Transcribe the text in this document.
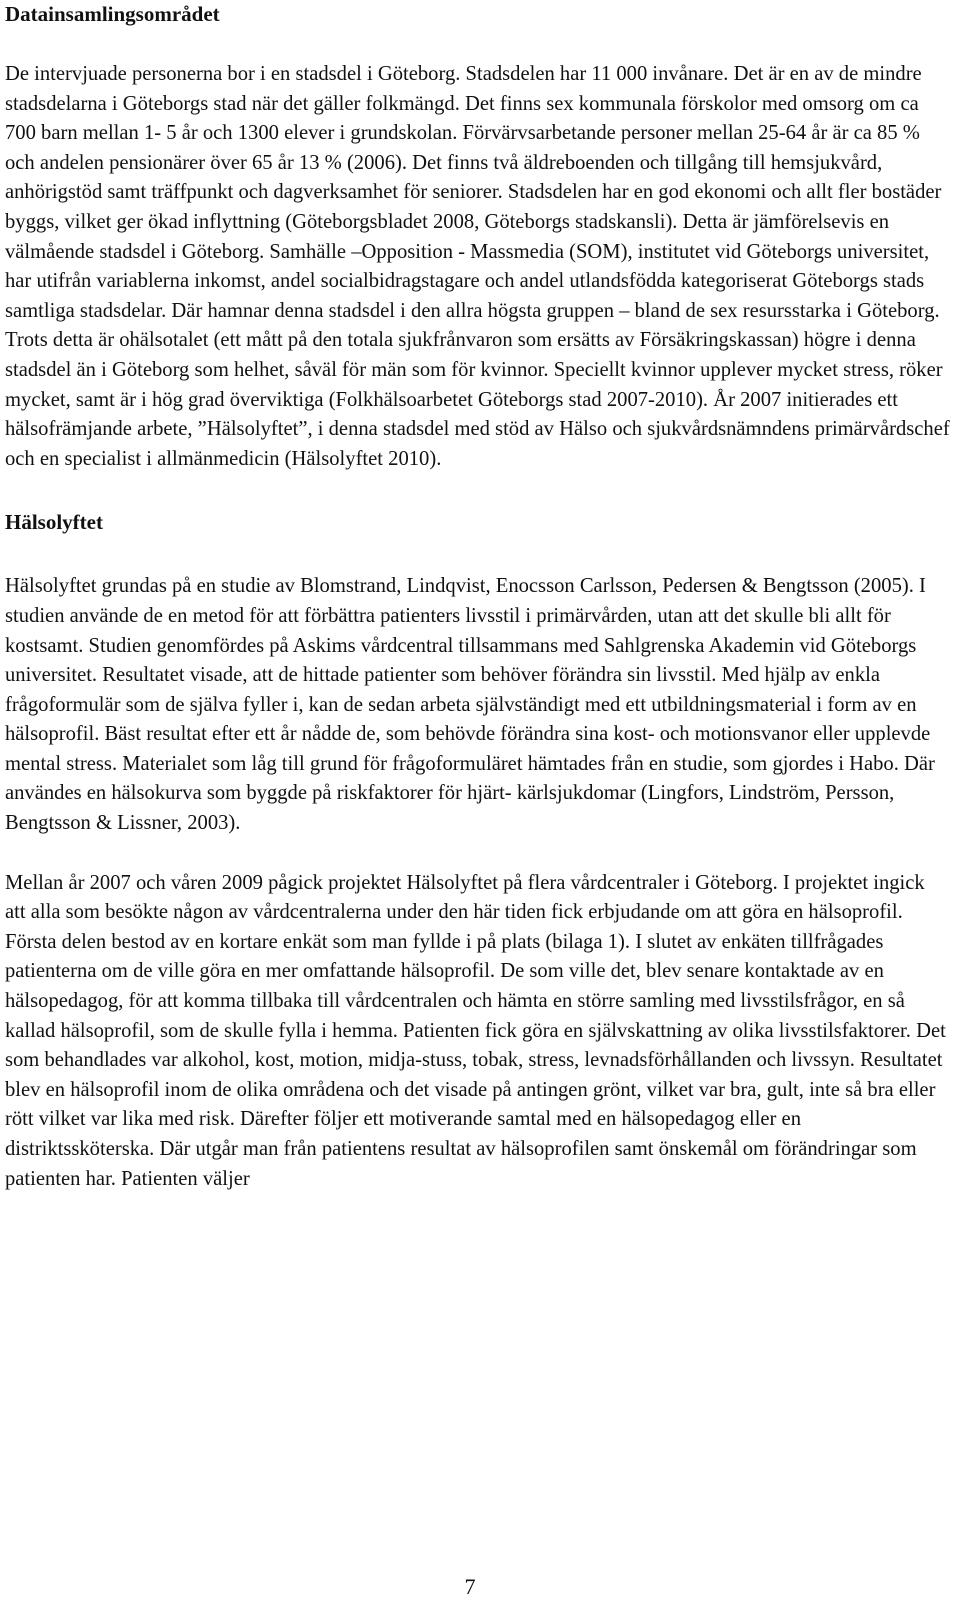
Datainsamlingsområdet

De intervjuade personerna bor i en stadsdel i Göteborg. Stadsdelen har 11 000 invånare. Det är en av de mindre stadsdelarna i Göteborgs stad när det gäller folkmängd. Det finns sex kommunala förskolor med omsorg om ca 700 barn mellan 1- 5 år och 1300 elever i grundskolan. Förvärvsarbetande personer mellan 25-64 år är ca 85 % och andelen pensionärer över 65 år 13 % (2006). Det finns två äldreboenden och tillgång till hemsjukvård, anhörigstöd samt träffpunkt och dagverksamhet för seniorer. Stadsdelen har en god ekonomi och allt fler bostäder byggs, vilket ger ökad inflyttning (Göteborgsbladet 2008, Göteborgs stadskansli). Detta är jämförelsevis en välmående stadsdel i Göteborg. Samhälle –Opposition - Massmedia (SOM), institutet vid Göteborgs universitet, har utifrån variablerna inkomst, andel socialbidragstagare och andel utlandsfödda kategoriserat Göteborgs stads samtliga stadsdelar. Där hamnar denna stadsdel i den allra högsta gruppen – bland de sex resursstarka i Göteborg. Trots detta är ohälsotalet (ett mått på den totala sjukfrånvaron som ersätts av Försäkringskassan) högre i denna stadsdel än i Göteborg som helhet, såväl för män som för kvinnor. Speciellt kvinnor upplever mycket stress, röker mycket, samt är i hög grad överviktiga (Folkhälsoarbetet Göteborgs stad 2007-2010). År 2007 initierades ett hälsofrämjande arbete, ”Hälsolyftet”, i denna stadsdel med stöd av Hälso och sjukvårdsnämndens primärvårdschef och en specialist i allmänmedicin (Hälsolyftet 2010).

Hälsolyftet

Hälsolyftet grundas på en studie av Blomstrand, Lindqvist, Enocsson Carlsson, Pedersen & Bengtsson (2005). I studien använde de en metod för att förbättra patienters livsstil i primärvården, utan att det skulle bli allt för kostsamt. Studien genomfördes på Askims vårdcentral tillsammans med Sahlgrenska Akademin vid Göteborgs universitet. Resultatet visade, att de hittade patienter som behöver förändra sin livsstil. Med hjälp av enkla frågoformulär som de själva fyller i, kan de sedan arbeta självständigt med ett utbildningsmaterial i form av en hälsoprofil. Bäst resultat efter ett år nådde de, som behövde förändra sina kost- och motionsvanor eller upplevde mental stress. Materialet som låg till grund för frågoformuläret hämtades från en studie, som gjordes i Habo. Där användes en hälsokurva som byggde på riskfaktorer för hjärt- kärlsjukdomar (Lingfors, Lindström, Persson, Bengtsson & Lissner, 2003).

Mellan år 2007 och våren 2009 pågick projektet Hälsolyftet på flera vårdcentraler i Göteborg. I projektet ingick att alla som besökte någon av vårdcentralerna under den här tiden fick erbjudande om att göra en hälsoprofil. Första delen bestod av en kortare enkät som man fyllde i på plats (bilaga 1). I slutet av enkäten tillfrågades patienterna om de ville göra en mer omfattande hälsoprofil. De som ville det, blev senare kontaktade av en hälsopedagog, för att komma tillbaka till vårdcentralen och hämta en större samling med livsstilsfrågor, en så kallad hälsoprofil, som de skulle fylla i hemma. Patienten fick göra en självskattning av olika livsstilsfaktorer. Det som behandlades var alkohol, kost, motion, midja-stuss, tobak, stress, levnadsförhållanden och livssyn. Resultatet blev en hälsoprofil inom de olika områdena och det visade på antingen grönt, vilket var bra, gult, inte så bra eller rött vilket var lika med risk. Därefter följer ett motiverande samtal med en hälsopedagog eller en distriktssköterska. Där utgår man från patientens resultat av hälsoprofilen samt önskemål om förändringar som patienten har. Patienten väljer

7
